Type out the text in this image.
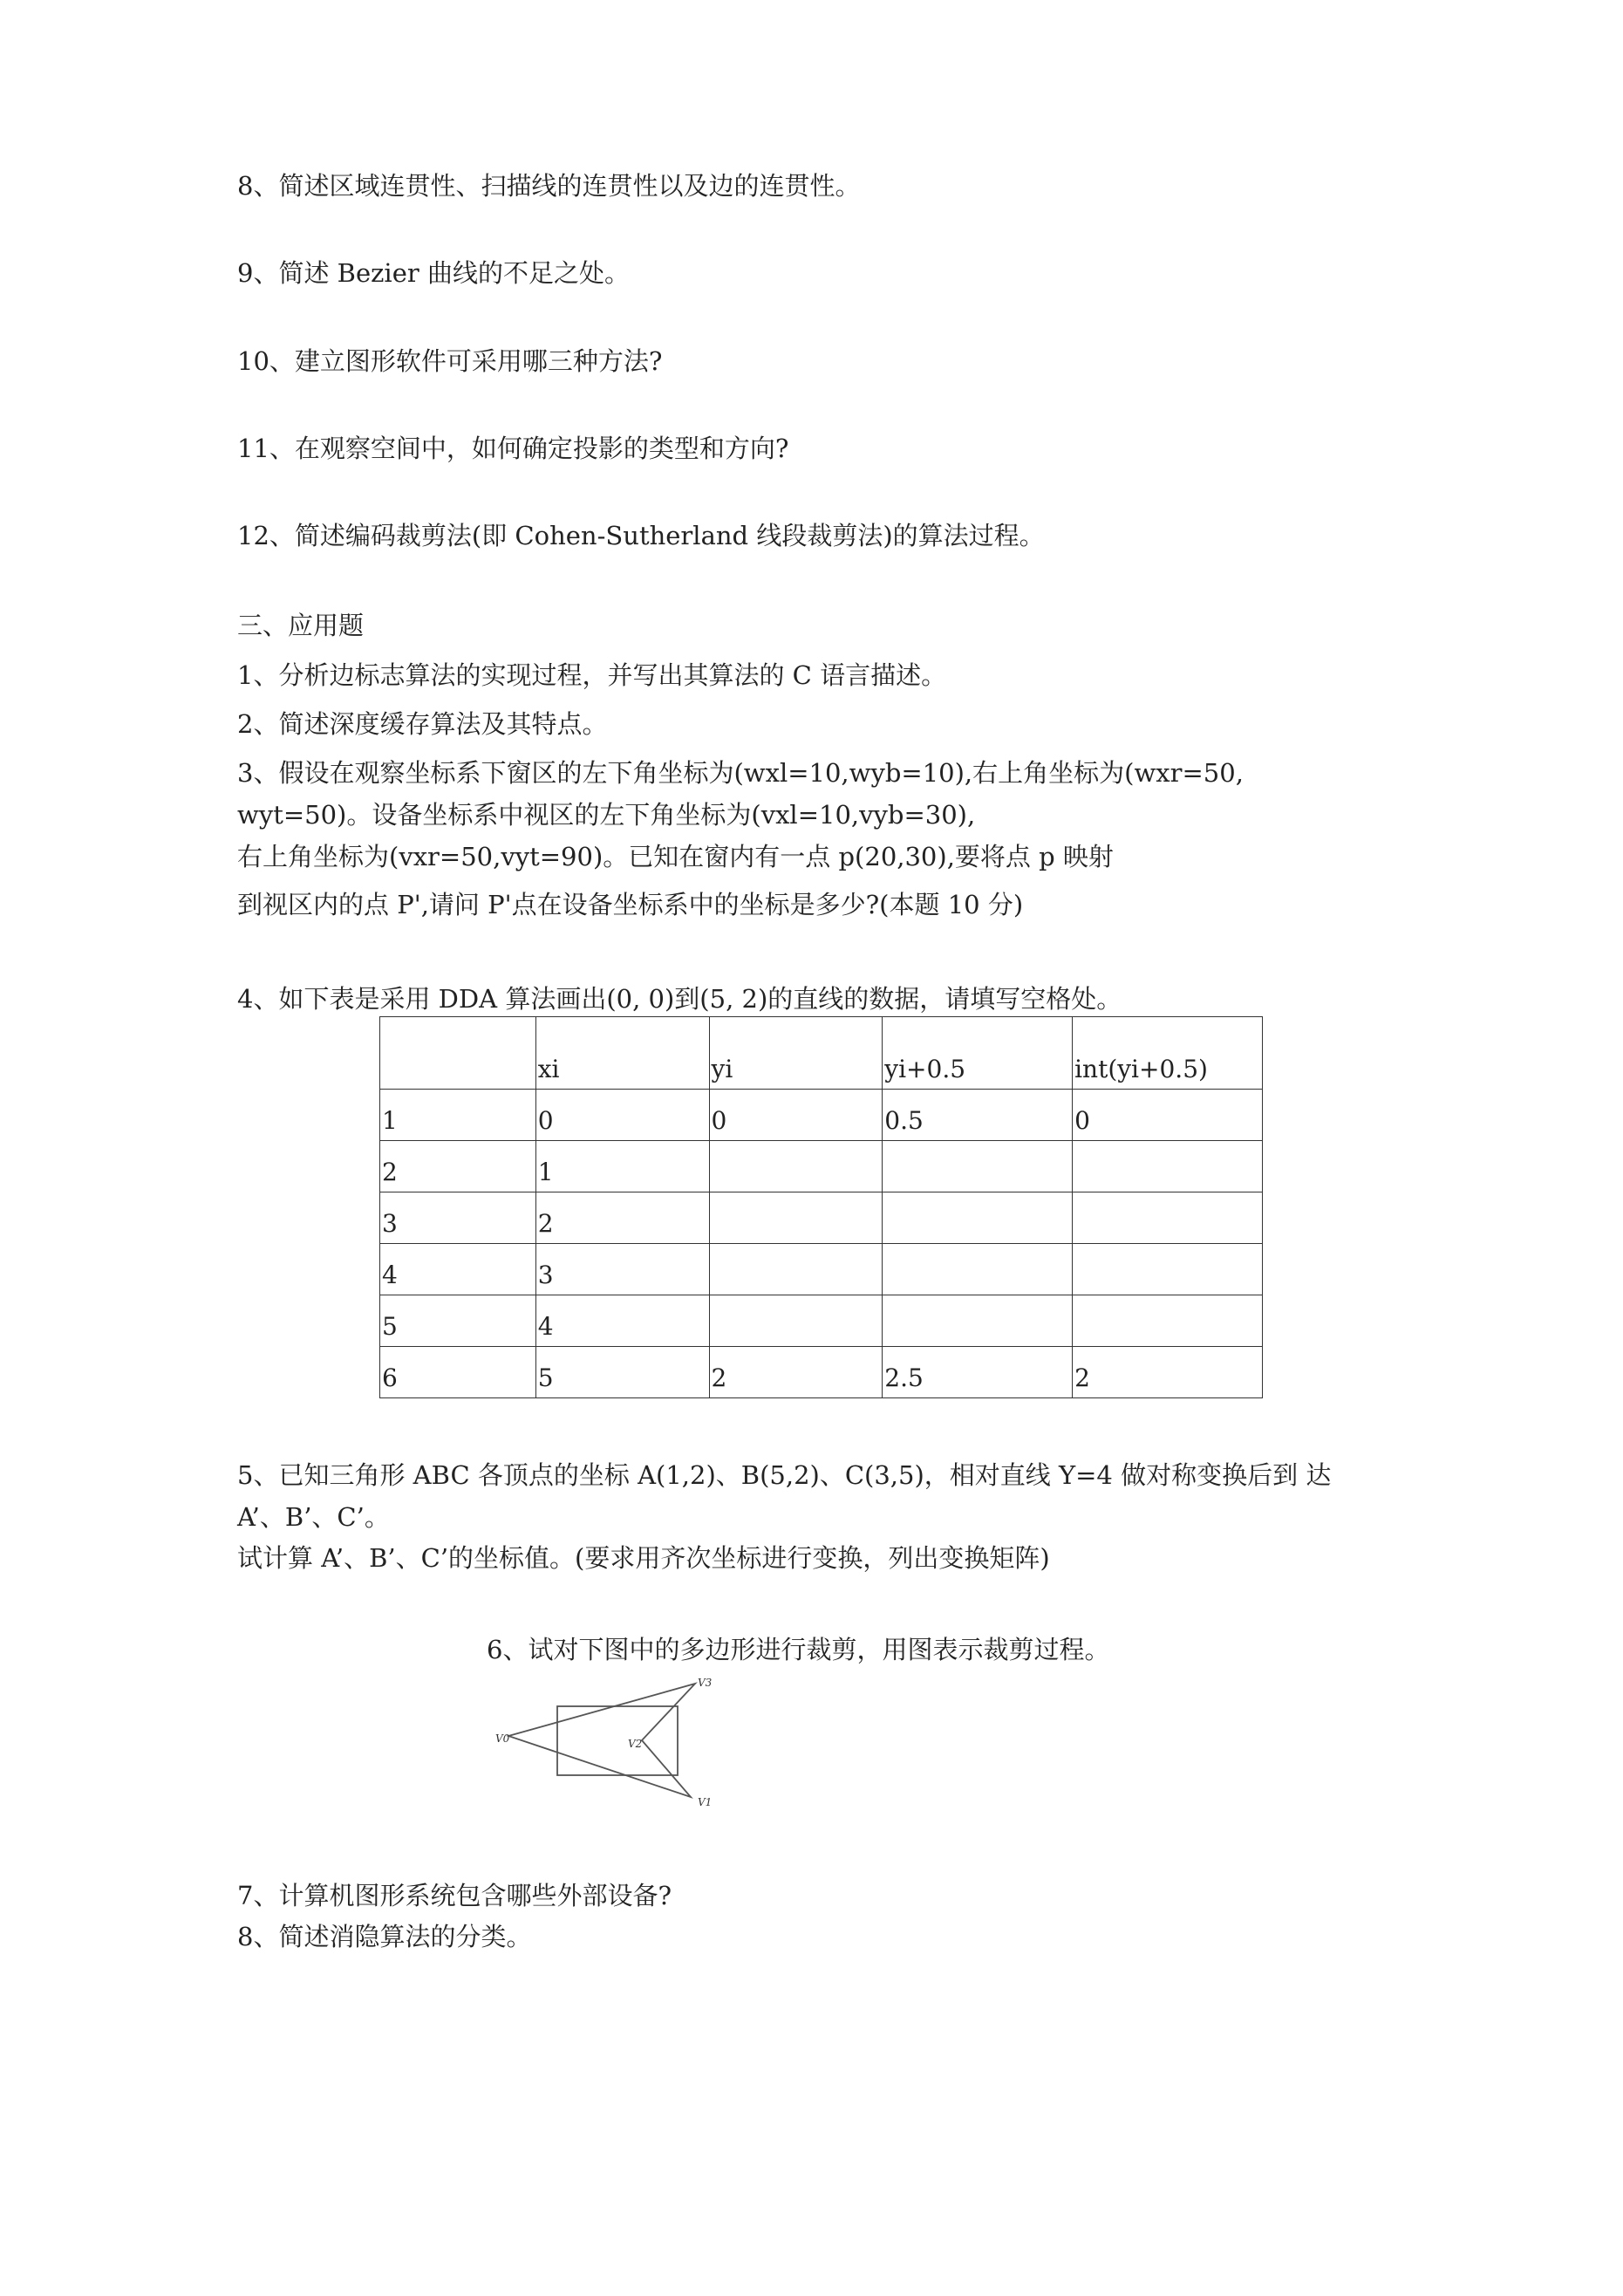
8、简述区域连贯性、扫描线的连贯性以及边的连贯性。
9、简述 Bezier 曲线的不足之处。
10、建立图形软件可采用哪三种方法?
11、在观察空间中，如何确定投影的类型和方向?
12、简述编码裁剪法(即 Cohen-Sutherland 线段裁剪法)的算法过程。
三、应用题
1、分析边标志算法的实现过程，并写出其算法的 C 语言描述。
2、简述深度缓存算法及其特点。
3、假设在观察坐标系下窗区的左下角坐标为(wxl=10,wyb=10),右上角坐标为(wxr=50,
wyt=50)。设备坐标系中视区的左下角坐标为(vxl=10,vyb=30),
右上角坐标为(vxr=50,vyt=90)。已知在窗内有一点 p(20,30),要将点 p 映射
到视区内的点 P',请问 P'点在设备坐标系中的坐标是多少?(本题 10 分)
4、如下表是采用 DDA 算法画出(0, 0)到(5, 2)的直线的数据，请填写空格处。
	xi	yi	yi+0.5	int(yi+0.5)
1	0	0	0.5	0
2	1			
3	2			
4	3			
5	4			
6	5	2	2.5	2
5、已知三角形 ABC 各顶点的坐标 A(1,2)、B(5,2)、C(3,5)，相对直线 Y=4 做对称变换后到 达
A’、B’、C’。
试计算 A’、B’、C’的坐标值。(要求用齐次坐标进行变换，列出变换矩阵)
6、试对下图中的多边形进行裁剪，用图表示裁剪过程。
V0
V1
V2
V3
7、计算机图形系统包含哪些外部设备?
8、简述消隐算法的分类。
